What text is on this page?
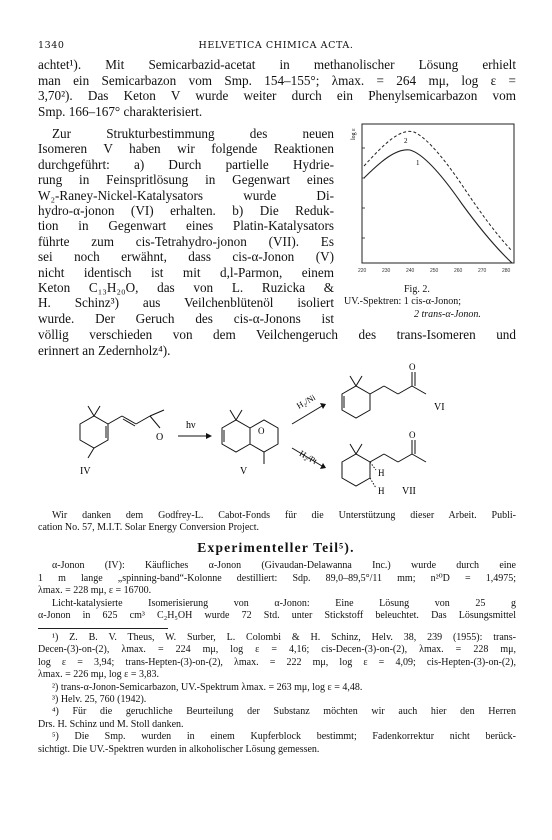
1340	HELVETICA CHIMICA ACTA.

achtet¹). Mit Semicarbazid-acetat in methanolischer Lösung erhielt

man ein Semicarbazon vom Smp. 154–155°; λmax. = 264 mμ, log ε =

3,70²). Das Keton V wurde weiter durch ein Phenylsemicarbazon vom

Smp. 166–167° charakterisiert.

Zur Strukturbestimmung des neuen

Isomeren V haben wir folgende Reaktionen

durchgeführt: a) Durch partielle Hydrie-

rung in Feinspritlösung in Gegenwart eines

W₂-Raney-Nickel-Katalysators wurde Di-

hydro-α-jonon (VI) erhalten. b) Die Reduk-

tion in Gegenwart eines Platin-Katalysators

führte zum cis-Tetrahydro-jonon (VII). Es

sei noch erwähnt, dass cis-α-Jonon (V)

nicht identisch ist mit d,l-Parmon, einem

Keton C₁₃H₂₀O, das von L. Ruzicka &

H. Schinz³) aus Veilchenblütenöl isoliert

wurde. Der Geruch des cis-α-Jonons ist

völlig verschieden von dem Veilchengeruch des trans-Isomeren und

erinnert an Zedernholz⁴).

2
1
log ε
220	230	240	250	260	270	280
Fig. 2.
UV.-Spektren: 1 cis-α-Jonon;
2 trans-α-Jonon.
O
IV
hν	O
V
H₂/Ni
H₂/Pt
O
VI
O
H
H VII

Wir danken dem Godfrey-L. Cabot-Fonds für die Unterstützung dieser Arbeit. Publi-

cation No. 57, M.I.T. Solar Energy Conversion Project.

Experimenteller Teil⁵).

α-Jonon (IV): Käufliches α-Jonon (Givaudan-Delawanna Inc.) wurde durch eine

1 m lange „spinning-band“-Kolonne destilliert: Sdp. 89,0–89,5°/11 mm; n²⁰D = 1,4975;

λmax. = 228 mμ, ε = 16700.

Licht-katalysierte Isomerisierung von α-Jonon: Eine Lösung von 25 g

α-Jonon in 625 cm³ C₂H₅OH wurde 72 Std. unter Stickstoff beleuchtet. Das Lösungsmittel

¹) Z. B. V. Theus, W. Surber, L. Colombi & H. Schinz, Helv. 38, 239 (1955): trans-

Decen-(3)-on-(2), λmax. = 224 mμ, log ε = 4,16; cis-Decen-(3)-on-(2), λmax. = 228 mμ,

log ε = 3,94; trans-Hepten-(3)-on-(2), λmax. = 222 mμ, log ε = 4,09; cis-Hepten-(3)-on-(2),

λmax. = 226 mμ, log ε = 3,83.

²) trans-α-Jonon-Semicarbazon, UV.-Spektrum λmax. = 263 mμ, log ε = 4,48.

³) Helv. 25, 760 (1942).

⁴) Für die geruchliche Beurteilung der Substanz möchten wir auch hier den Herren

Drs. H. Schinz und M. Stoll danken.

⁵) Die Smp. wurden in einem Kupferblock bestimmt; Fadenkorrektur nicht berück-

sichtigt. Die UV.-Spektren wurden in alkoholischer Lösung gemessen.
